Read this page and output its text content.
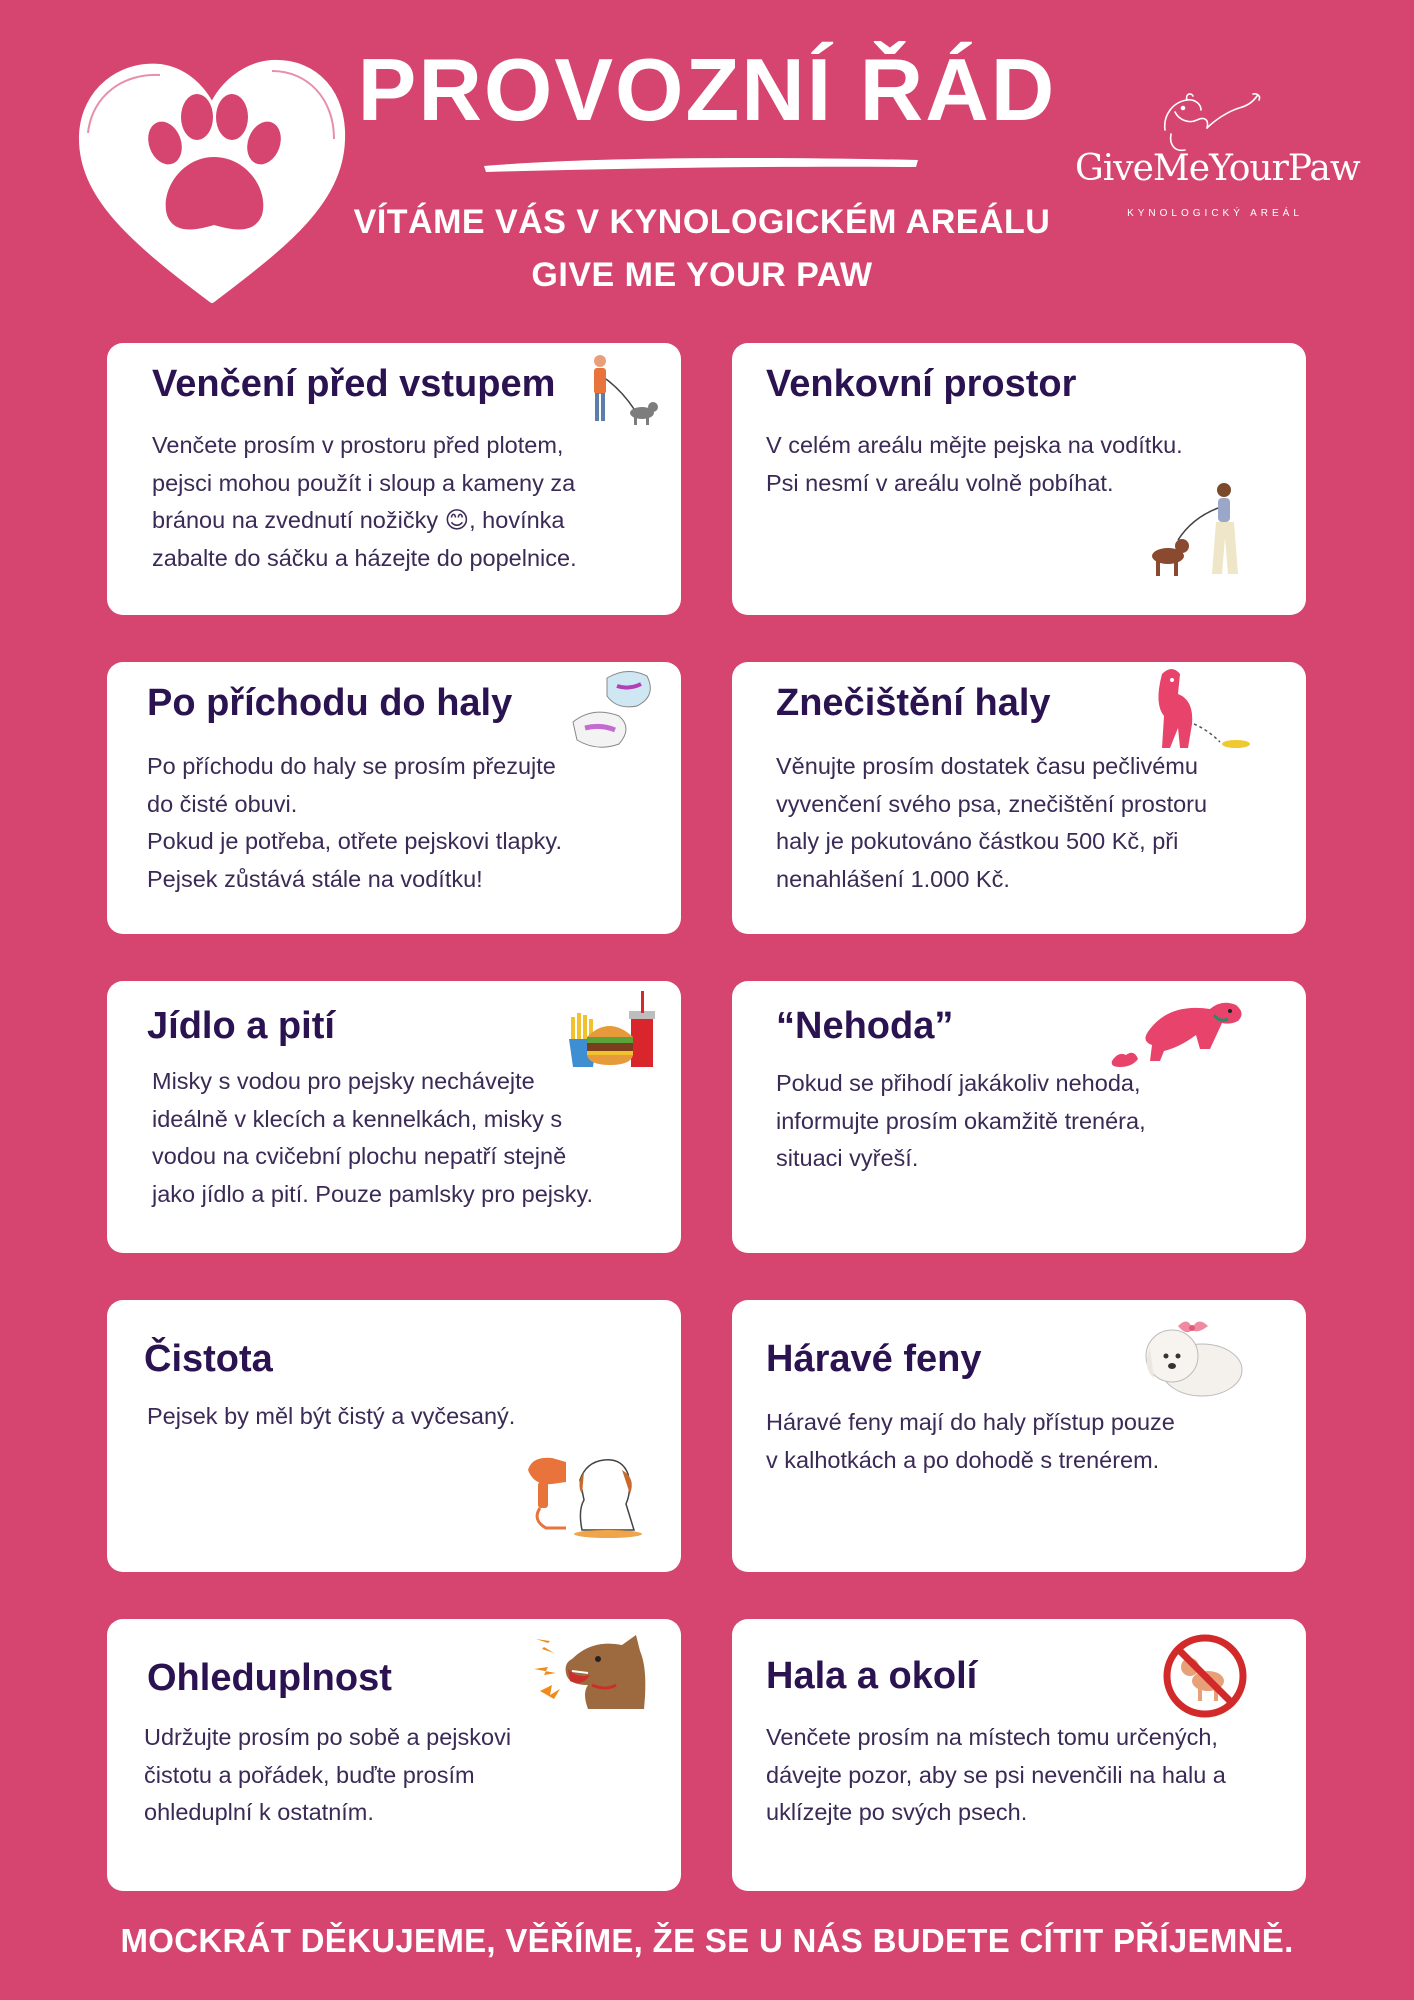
PROVOZNÍ ŘÁD
VÍTÁME VÁS V KYNOLOGICKÉM AREÁLU
GIVE ME YOUR PAW
GiveMeYourPaw
KYNOLOGICKÝ AREÁL
Venčení před vstupem

Venčete prosím v prostoru před plotem,
pejsci mohou použít i sloup a kameny za
bránou na zvednutí nožičky 😊, hovínka
zabalte do sáčku a házejte do popelnice.

Venkovní prostor

V celém areálu mějte pejska na vodítku.
Psi nesmí v areálu volně pobíhat.

Po příchodu do haly

Po příchodu do haly se prosím přezujte
do čisté obuvi.
Pokud je potřeba, otřete pejskovi tlapky.
Pejsek zůstává stále na vodítku!

Znečištění haly

Věnujte prosím dostatek času pečlivému
vyvenčení svého psa, znečištění prostoru
haly je pokutováno částkou 500 Kč, při
nenahlášení 1.000 Kč.

Jídlo a pití

Misky s vodou pro pejsky nechávejte
ideálně v klecích a kennelkách, misky s
vodou na cvičební plochu nepatří stejně
jako jídlo a pití. Pouze pamlsky pro pejsky.

“Nehoda”

Pokud se přihodí jakákoliv nehoda,
informujte prosím okamžitě trenéra,
situaci vyřeší.

Čistota

Pejsek by měl být čistý a vyčesaný.

Háravé feny

Háravé feny mají do haly přístup pouze
v kalhotkách a po dohodě s trenérem.

Ohleduplnost

Udržujte prosím po sobě a pejskovi
čistotu a pořádek, buďte prosím
ohleduplní k ostatním.

Hala a okolí

Venčete prosím na místech tomu určených,
dávejte pozor, aby se psi nevenčili na halu a
uklízejte po svých psech.

MOCKRÁT DĚKUJEME, VĚŘÍME, ŽE SE U NÁS BUDETE CÍTIT PŘÍJEMNĚ.
